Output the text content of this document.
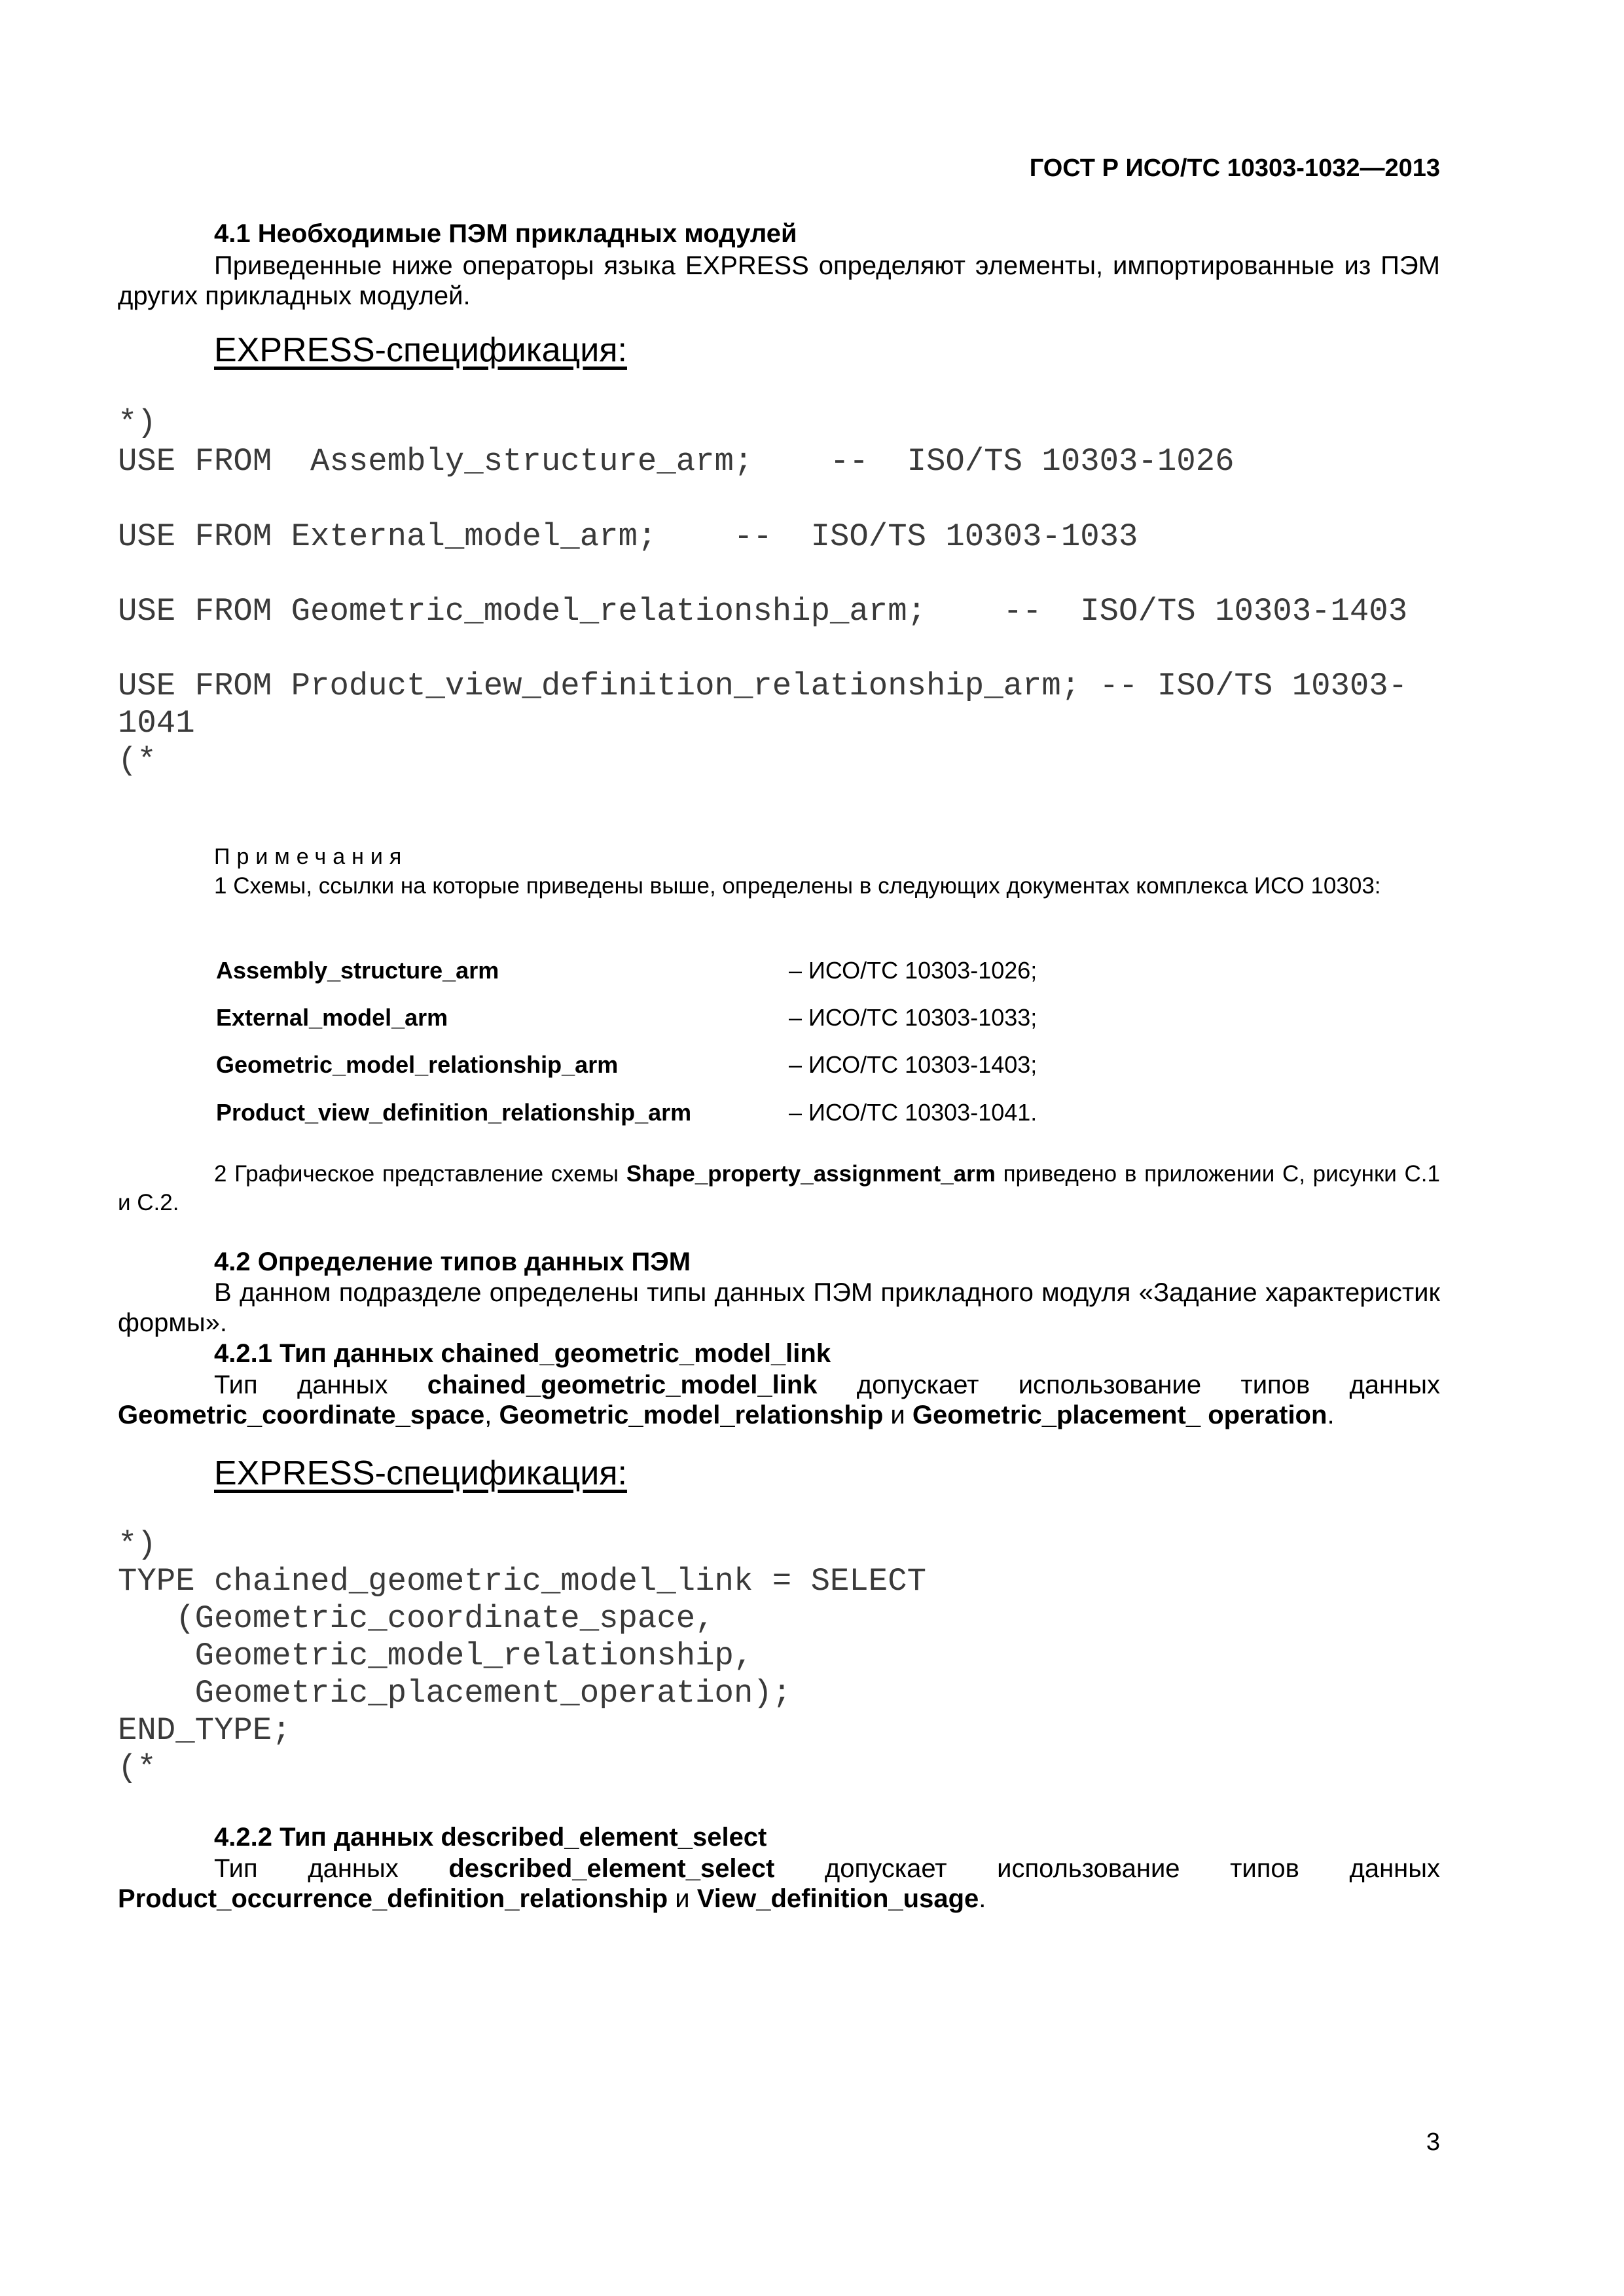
ГОСТ Р ИСО/ТС 10303-1032—2013
4.1 Необходимые ПЭМ прикладных модулей
Приведенные ниже операторы языка EXPRESS определяют элементы, импортированные из ПЭМ других прикладных модулей.
EXPRESS-спецификация:
*)
USE FROM  Assembly_structure_arm;    --  ISO/TS 10303-1026
USE FROM External_model_arm;    --  ISO/TS 10303-1033
USE FROM Geometric_model_relationship_arm;    --  ISO/TS 10303-1403
USE FROM Product_view_definition_relationship_arm; -- ISO/TS 10303-
1041
(*
Примечания
1 Схемы, ссылки на которые приведены выше, определены в следующих документах комплекса ИСО 10303:
Assembly_structure_arm	– ИСО/ТС 10303-1026;
External_model_arm	– ИСО/ТС 10303-1033;
Geometric_model_relationship_arm	– ИСО/ТС 10303-1403;
Product_view_definition_relationship_arm	– ИСО/ТС 10303-1041.
2 Графическое представление схемы Shape_property_assignment_arm приведено в приложении С, рисунки С.1 и С.2.
4.2 Определение типов данных ПЭМ
В данном подразделе определены типы данных ПЭМ прикладного модуля «Задание характеристик формы».
4.2.1 Тип данных chained_geometric_model_link
Тип данных chained_geometric_model_link допускает использование типов данных Geometric_coordinate_space, Geometric_model_relationship и Geometric_placement_ operation.
EXPRESS-спецификация:
*)
TYPE chained_geometric_model_link = SELECT
(Geometric_coordinate_space,
Geometric_model_relationship,
Geometric_placement_operation);
END_TYPE;
(*
4.2.2 Тип данных described_element_select
Тип данных described_element_select допускает использование типов данных Product_occurrence_definition_relationship и View_definition_usage.
3
